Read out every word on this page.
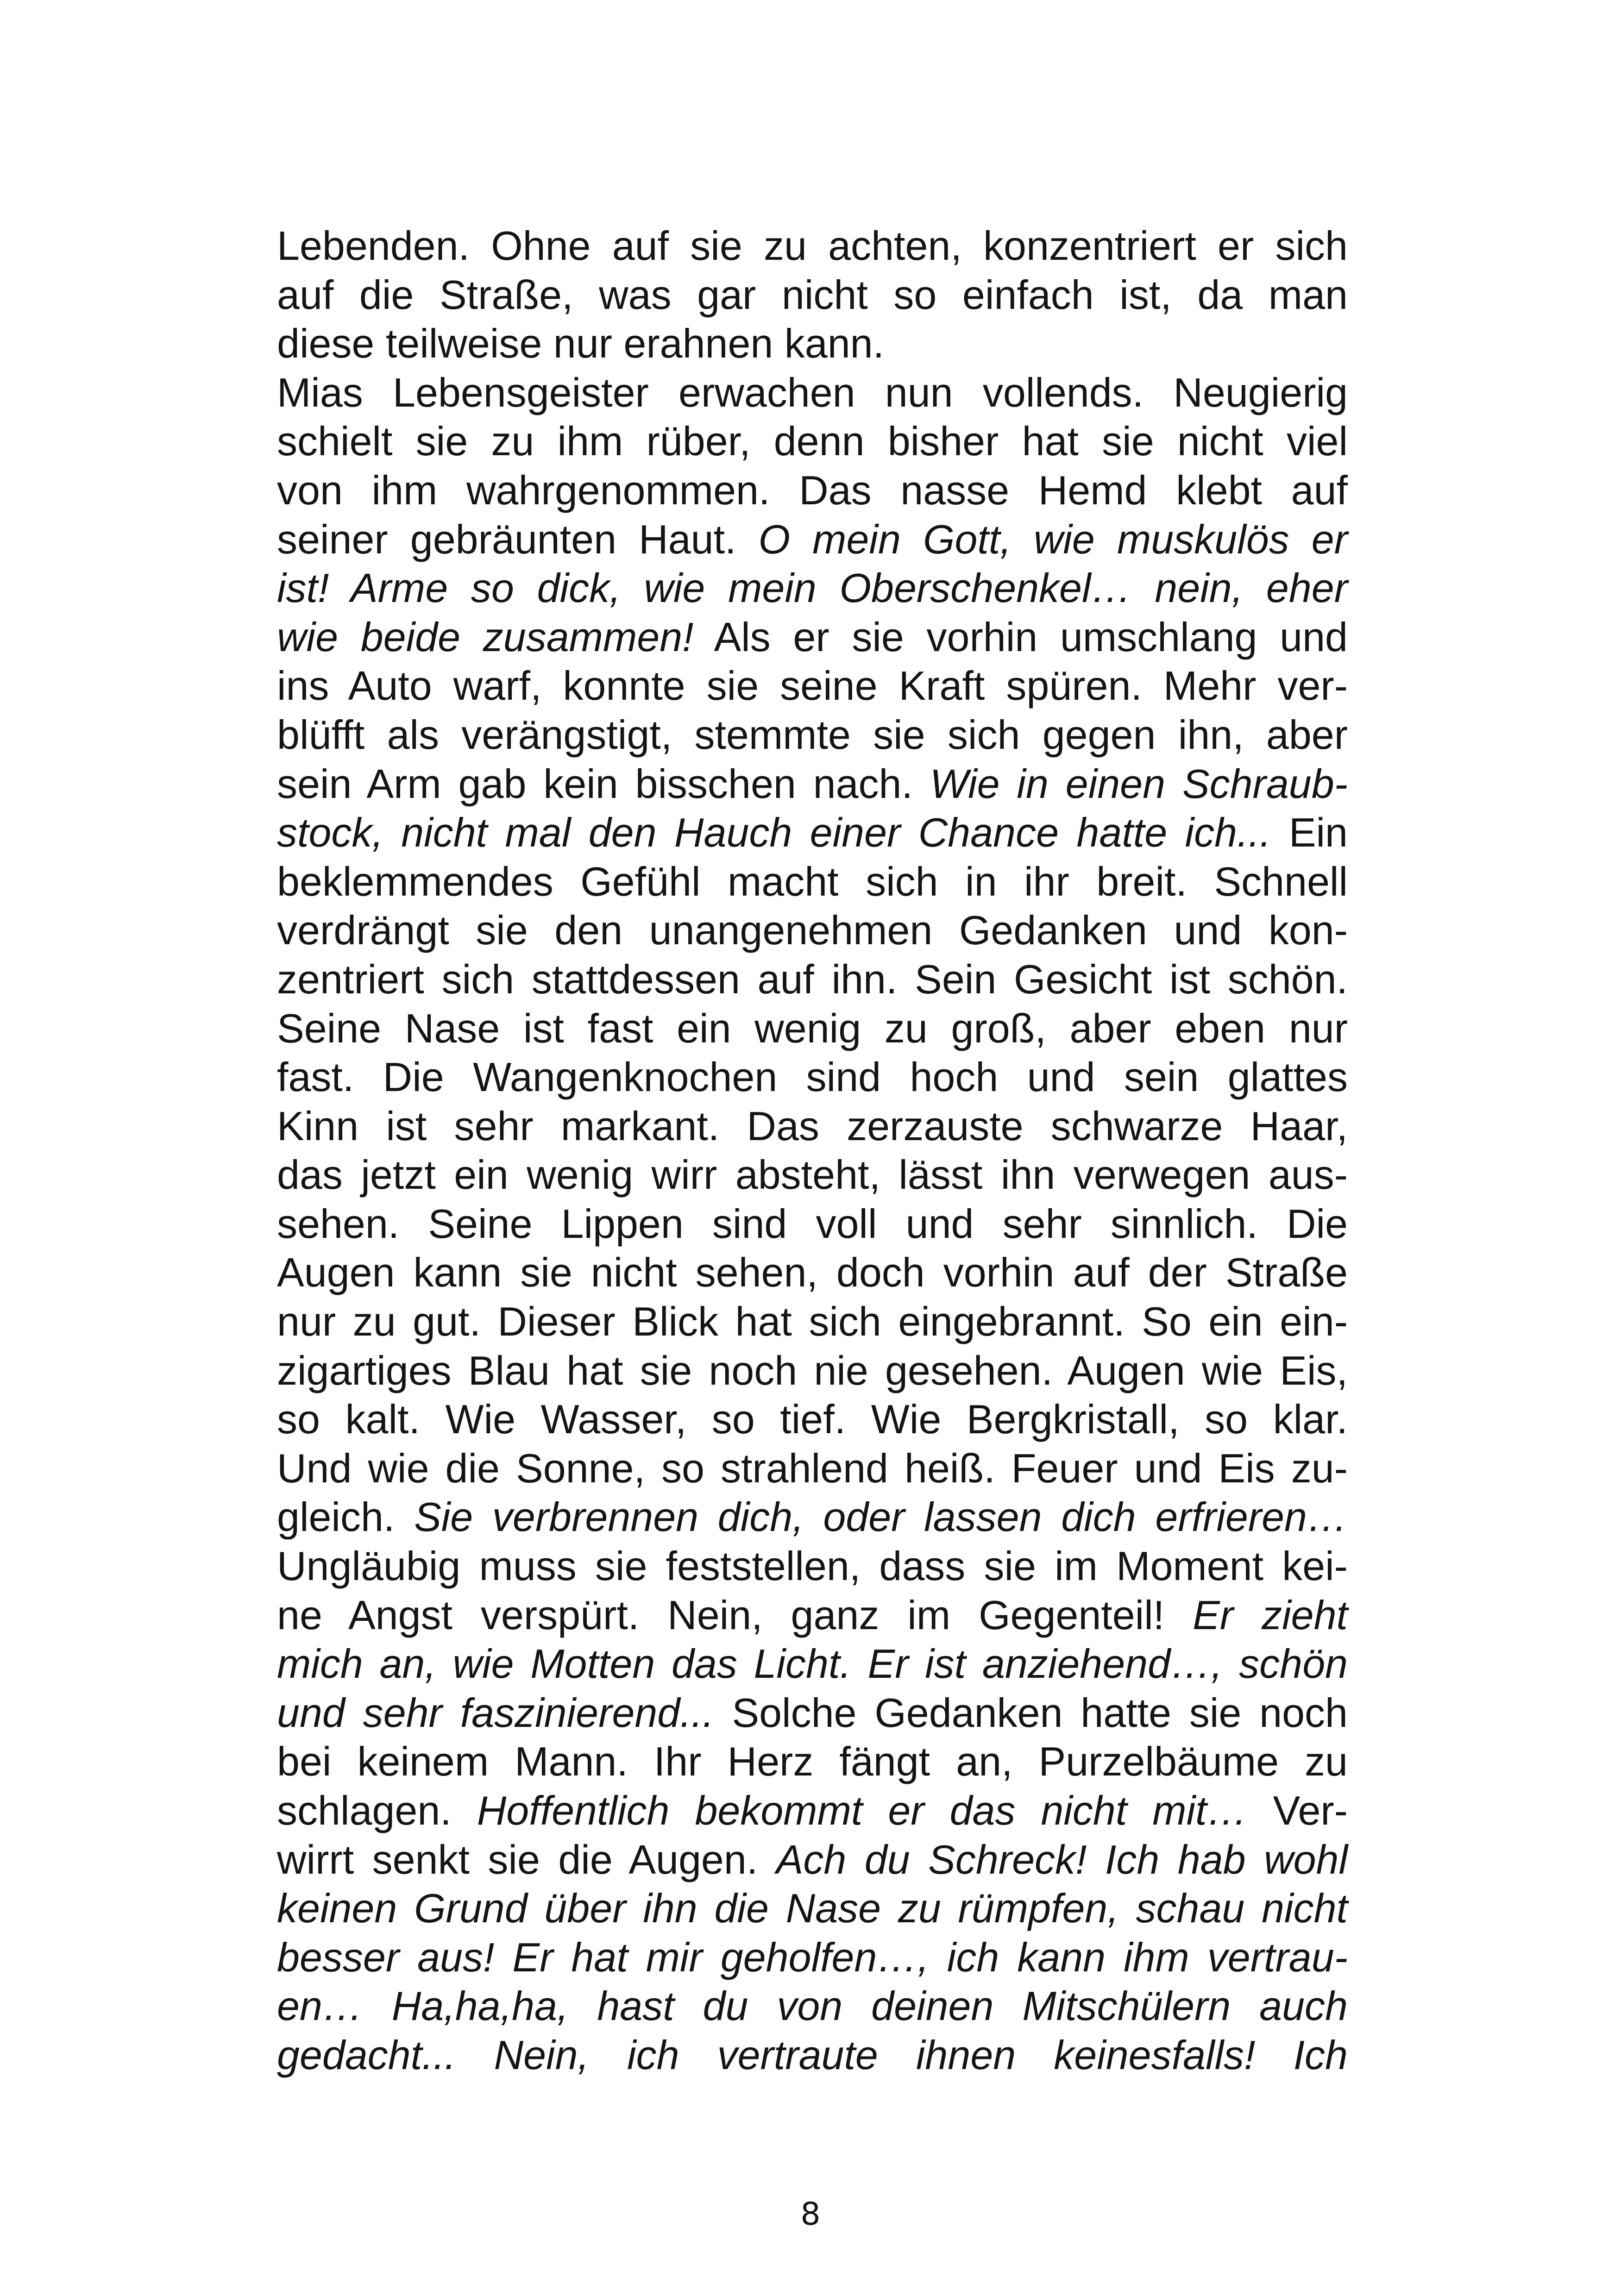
Lebenden. Ohne auf sie zu achten, konzentriert er sich
auf die Straße, was gar nicht so einfach ist, da man
diese teilweise nur erahnen kann.
Mias Lebensgeister erwachen nun vollends. Neugierig
schielt sie zu ihm rüber, denn bisher hat sie nicht viel
von ihm wahrgenommen. Das nasse Hemd klebt auf
seiner gebräunten Haut. O mein Gott, wie muskulös er
ist! Arme so dick, wie mein Oberschenkel… nein, eher
wie beide zusammen! Als er sie vorhin umschlang und
ins Auto warf, konnte sie seine Kraft spüren. Mehr ver-
blüfft als verängstigt, stemmte sie sich gegen ihn, aber
sein Arm gab kein bisschen nach. Wie in einen Schraub-
stock, nicht mal den Hauch einer Chance hatte ich... Ein
beklemmendes Gefühl macht sich in ihr breit. Schnell
verdrängt sie den unangenehmen Gedanken und kon-
zentriert sich stattdessen auf ihn. Sein Gesicht ist schön.
Seine Nase ist fast ein wenig zu groß, aber eben nur
fast. Die Wangenknochen sind hoch und sein glattes
Kinn ist sehr markant. Das zerzauste schwarze Haar,
das jetzt ein wenig wirr absteht, lässt ihn verwegen aus-
sehen. Seine Lippen sind voll und sehr sinnlich. Die
Augen kann sie nicht sehen, doch vorhin auf der Straße
nur zu gut. Dieser Blick hat sich eingebrannt. So ein ein-
zigartiges Blau hat sie noch nie gesehen. Augen wie Eis,
so kalt. Wie Wasser, so tief. Wie Bergkristall, so klar.
Und wie die Sonne, so strahlend heiß. Feuer und Eis zu-
gleich. Sie verbrennen dich, oder lassen dich erfrieren…
Ungläubig muss sie feststellen, dass sie im Moment kei-
ne Angst verspürt. Nein, ganz im Gegenteil! Er zieht
mich an, wie Motten das Licht. Er ist anziehend…, schön
und sehr faszinierend... Solche Gedanken hatte sie noch
bei keinem Mann. Ihr Herz fängt an, Purzelbäume zu
schlagen. Hoffentlich bekommt er das nicht mit… Ver-
wirrt senkt sie die Augen. Ach du Schreck! Ich hab wohl
keinen Grund über ihn die Nase zu rümpfen, schau nicht
besser aus! Er hat mir geholfen…, ich kann ihm vertrau-
en… Ha,ha,ha, hast du von deinen Mitschülern auch
gedacht... Nein, ich vertraute ihnen keinesfalls! Ich
8
